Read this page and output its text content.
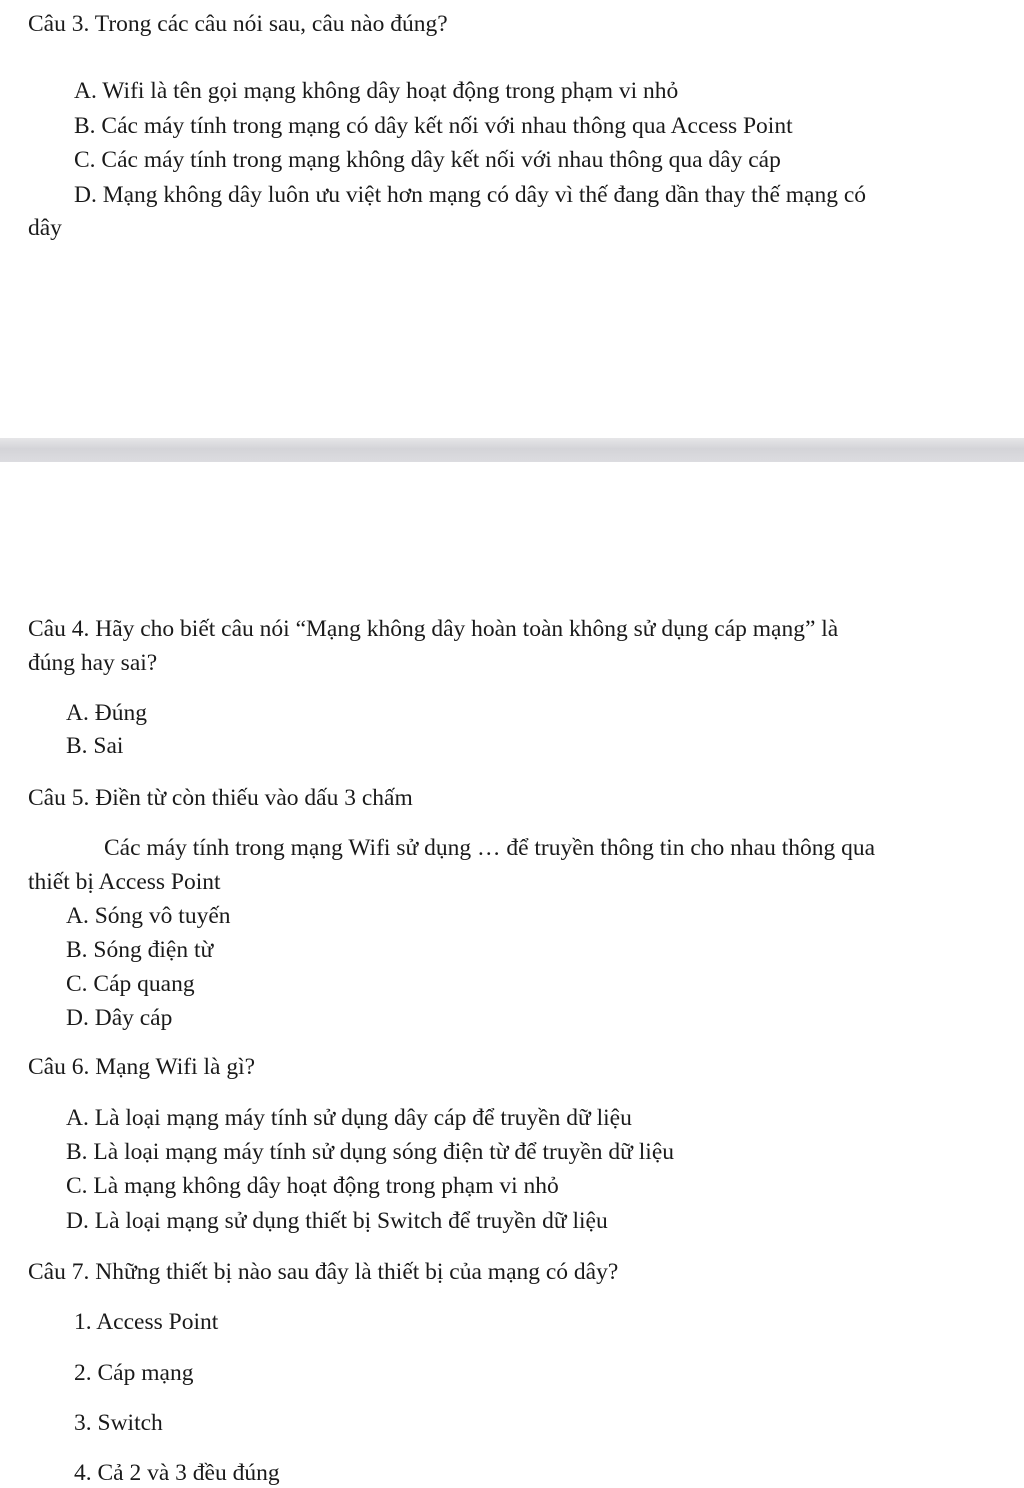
Câu 3. Trong các câu nói sau, câu nào đúng?
A. Wifi là tên gọi mạng không dây hoạt động trong phạm vi nhỏ
B. Các máy tính trong mạng có dây kết nối với nhau thông qua Access Point
C. Các máy tính trong mạng không dây kết nối với nhau thông qua dây cáp
D. Mạng không dây luôn ưu việt hơn mạng có dây vì thế đang dần thay thế mạng có
dây
Câu 4. Hãy cho biết câu nói “Mạng không dây hoàn toàn không sử dụng cáp mạng” là
đúng hay sai?
A. Đúng
B. Sai
Câu 5. Điền từ còn thiếu vào dấu 3 chấm
Các máy tính trong mạng Wifi sử dụng … để truyền thông tin cho nhau thông qua
thiết bị Access Point
A. Sóng vô tuyến
B. Sóng điện từ
C. Cáp quang
D. Dây cáp
Câu 6. Mạng Wifi là gì?
A. Là loại mạng máy tính sử dụng dây cáp để truyền dữ liệu
B. Là loại mạng máy tính sử dụng sóng điện từ để truyền dữ liệu
C. Là mạng không dây hoạt động trong phạm vi nhỏ
D. Là loại mạng sử dụng thiết bị Switch để truyền dữ liệu
Câu 7. Những thiết bị nào sau đây là thiết bị của mạng có dây?
1. Access Point
2. Cáp mạng
3. Switch
4. Cả 2 và 3 đều đúng
